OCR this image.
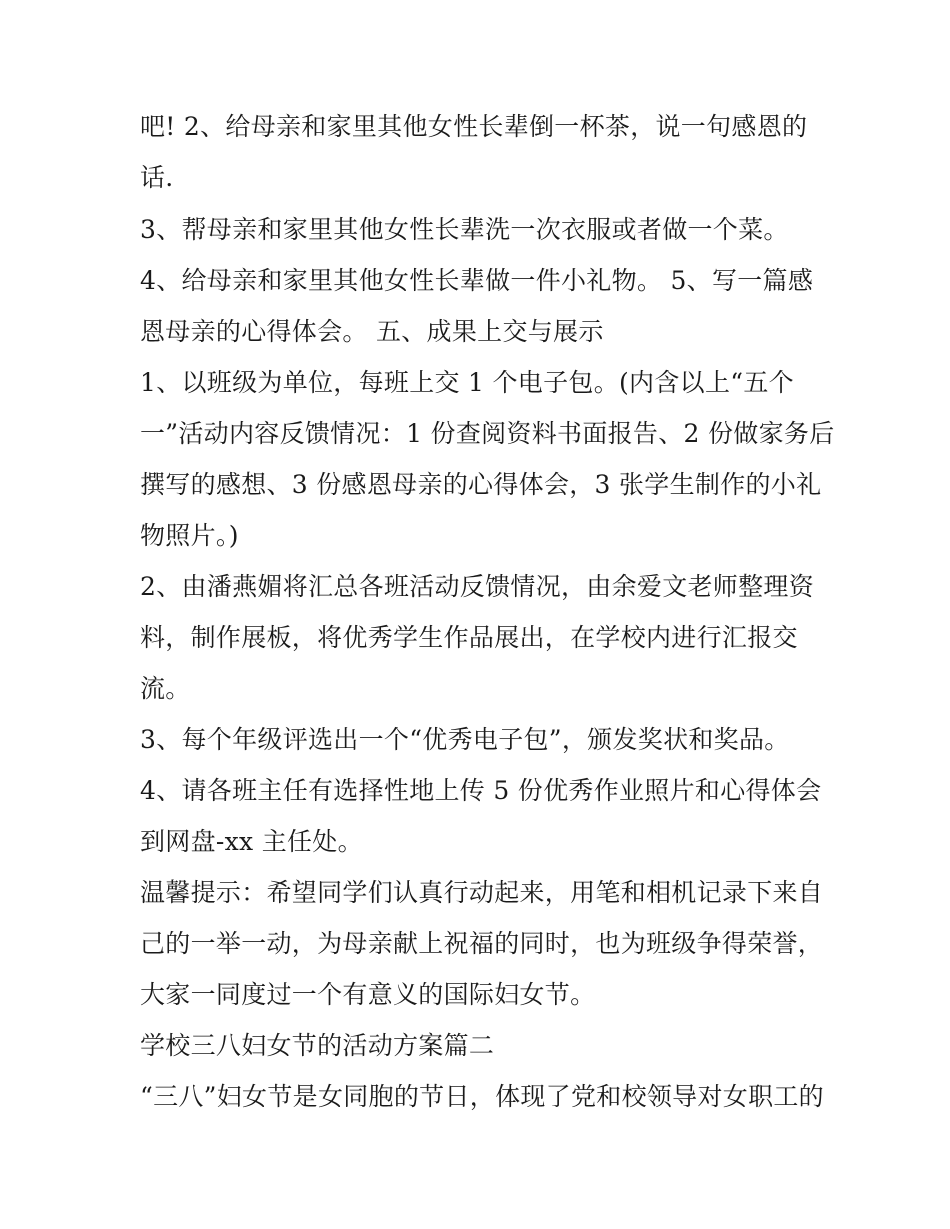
吧! 2、给母亲和家里其他女性长辈倒一杯茶，说一句感恩的

话.

3、帮母亲和家里其他女性长辈洗一次衣服或者做一个菜。

4、给母亲和家里其他女性长辈做一件小礼物。 5、写一篇感

恩母亲的心得体会。 五、成果上交与展示

1、以班级为单位，每班上交 1 个电子包。(内含以上“五个

一”活动内容反馈情况：1 份查阅资料书面报告、2 份做家务后

撰写的感想、3 份感恩母亲的心得体会，3 张学生制作的小礼

物照片。)

2、由潘燕媚将汇总各班活动反馈情况，由余爱文老师整理资

料，制作展板，将优秀学生作品展出，在学校内进行汇报交

流。

3、每个年级评选出一个“优秀电子包”，颁发奖状和奖品。

4、请各班主任有选择性地上传 5 份优秀作业照片和心得体会

到网盘-xx 主任处。

温馨提示：希望同学们认真行动起来，用笔和相机记录下来自

己的一举一动，为母亲献上祝福的同时，也为班级争得荣誉，

大家一同度过一个有意义的国际妇女节。

学校三八妇女节的活动方案篇二

“三八”妇女节是女同胞的节日，体现了党和校领导对女职工的
